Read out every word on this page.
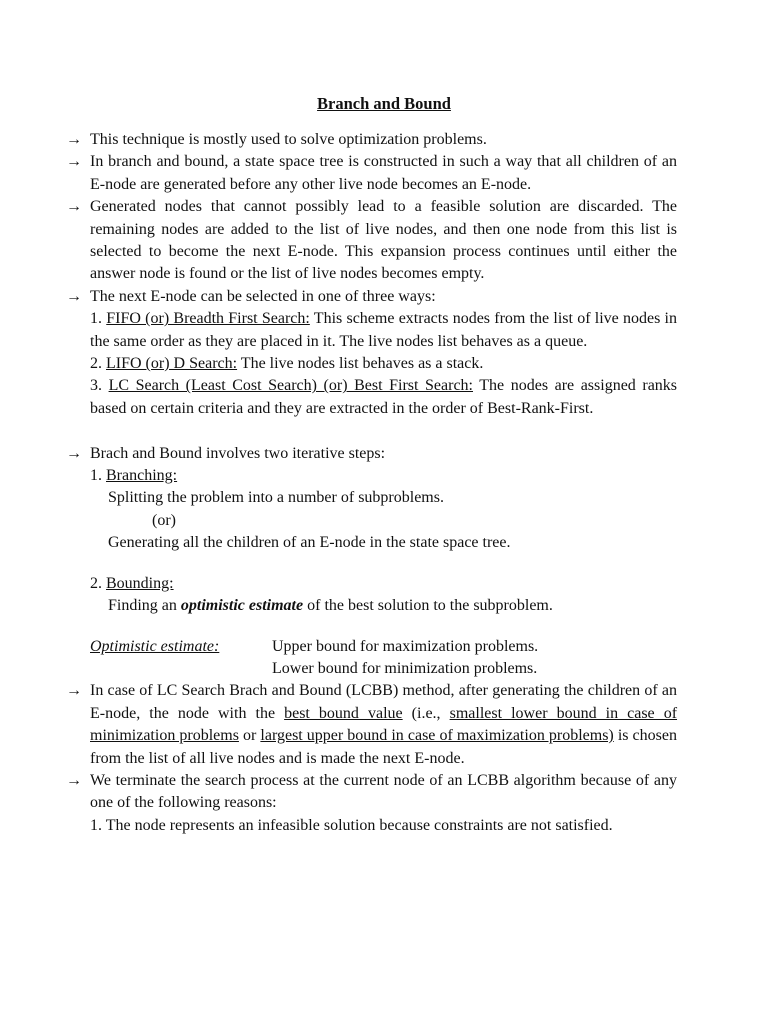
Branch and Bound
→ This technique is mostly used to solve optimization problems.
→ In branch and bound, a state space tree is constructed in such a way that all children of an E-node are generated before any other live node becomes an E-node.
→ Generated nodes that cannot possibly lead to a feasible solution are discarded. The remaining nodes are added to the list of live nodes, and then one node from this list is selected to become the next E-node. This expansion process continues until either the answer node is found or the list of live nodes becomes empty.
→ The next E-node can be selected in one of three ways:
1. FIFO (or) Breadth First Search: This scheme extracts nodes from the list of live nodes in the same order as they are placed in it. The live nodes list behaves as a queue.
2. LIFO (or) D Search: The live nodes list behaves as a stack.
3. LC Search (Least Cost Search) (or) Best First Search: The nodes are assigned ranks based on certain criteria and they are extracted in the order of Best-Rank-First.
→ Brach and Bound involves two iterative steps:
1. Branching:
Splitting the problem into a number of subproblems.
(or)
Generating all the children of an E-node in the state space tree.
2. Bounding:
Finding an optimistic estimate of the best solution to the subproblem.
Optimistic estimate:	Upper bound for maximization problems.
Lower bound for minimization problems.
→ In case of LC Search Brach and Bound (LCBB) method, after generating the children of an E-node, the node with the best bound value (i.e., smallest lower bound in case of minimization problems or largest upper bound in case of maximization problems) is chosen from the list of all live nodes and is made the next E-node.
→ We terminate the search process at the current node of an LCBB algorithm because of any one of the following reasons:
1. The node represents an infeasible solution because constraints are not satisfied.
